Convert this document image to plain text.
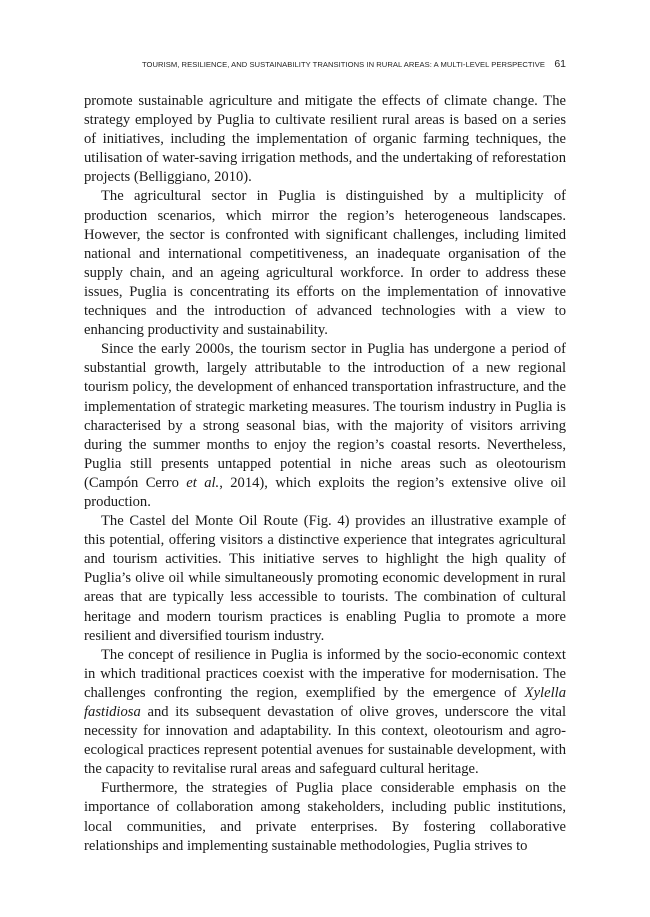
TOURISM, RESILIENCE, AND SUSTAINABILITY TRANSITIONS IN RURAL AREAS: A MULTI-LEVEL PERSPECTIVE 61

promote sustainable agriculture and mitigate the effects of climate change. The strategy employed by Puglia to cultivate resilient rural areas is based on a series of initiatives, including the implementation of organic farming techniques, the utilisation of water-saving irrigation methods, and the undertaking of reforestation projects (Belliggiano, 2010).

The agricultural sector in Puglia is distinguished by a multiplicity of production scenarios, which mirror the region’s heterogeneous landscapes. However, the sector is confronted with significant challenges, including limited national and international competitiveness, an inadequate organisation of the supply chain, and an ageing agricultural workforce. In order to address these issues, Puglia is concentrating its efforts on the implementation of innovative techniques and the introduction of advanced technologies with a view to enhancing productivity and sustainability.

Since the early 2000s, the tourism sector in Puglia has undergone a period of substantial growth, largely attributable to the introduction of a new regional tourism policy, the development of enhanced transportation infrastructure, and the implementation of strategic marketing measures. The tourism industry in Puglia is characterised by a strong seasonal bias, with the majority of visitors arriving during the summer months to enjoy the region’s coastal resorts. Nevertheless, Puglia still presents untapped potential in niche areas such as oleotourism (Campón Cerro et al., 2014), which exploits the region’s extensive olive oil production.

The Castel del Monte Oil Route (Fig. 4) provides an illustrative example of this potential, offering visitors a distinctive experience that integrates agricultural and tourism activities. This initiative serves to highlight the high quality of Puglia’s olive oil while simultaneously promoting economic development in rural areas that are typically less accessible to tourists. The combination of cultural heritage and modern tourism practices is enabling Puglia to promote a more resilient and diversified tourism industry.

The concept of resilience in Puglia is informed by the socio-economic context in which traditional practices coexist with the imperative for modernisation. The challenges confronting the region, exemplified by the emergence of Xylella fastidiosa and its subsequent devastation of olive groves, underscore the vital necessity for innovation and adaptability. In this context, oleotourism and agro-ecological practices represent potential avenues for sustainable development, with the capacity to revitalise rural areas and safeguard cultural heritage.

Furthermore, the strategies of Puglia place considerable emphasis on the importance of collaboration among stakeholders, including public institutions, local communities, and private enterprises. By fostering collaborative relationships and implementing sustainable methodologies, Puglia strives to
